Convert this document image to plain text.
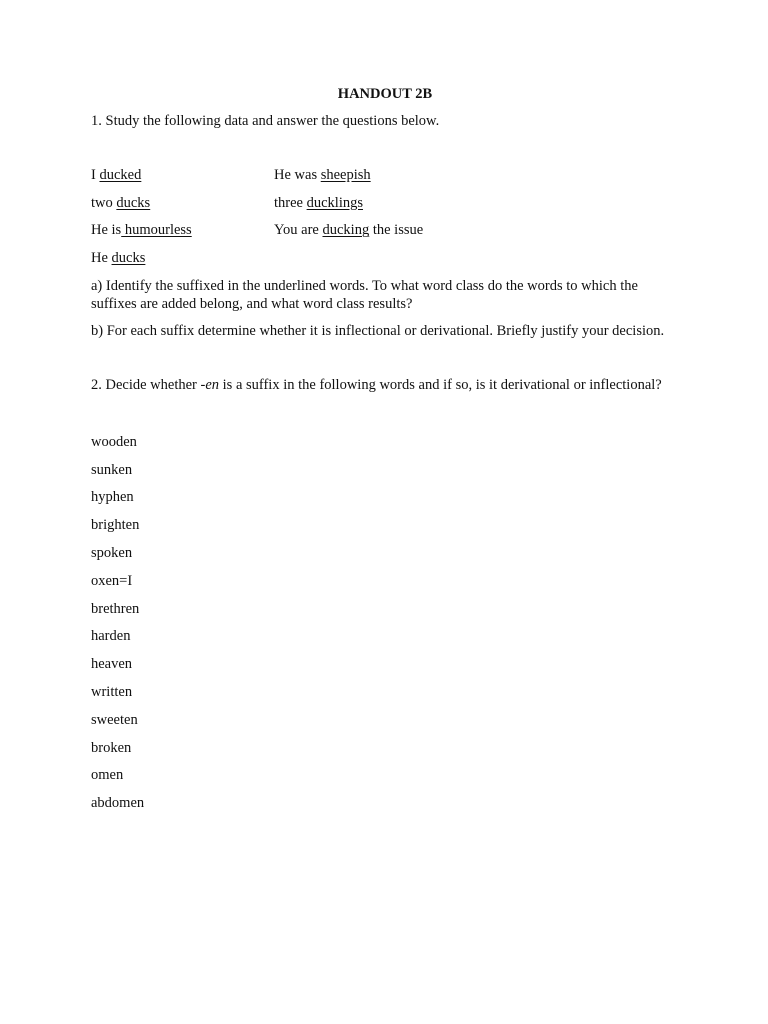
HANDOUT 2B

1. Study the following data and answer the questions below.

I ducked	He was sheepish
two ducks	three ducklings
He is humourless	You are ducking the issue
He ducks

a) Identify the suffixed in the underlined words. To what word class do the words to which the suffixes are added belong, and what word class results?

b) For each suffix determine whether it is inflectional or derivational. Briefly justify your decision.

2. Decide whether -en is a suffix in the following words and if so, is it derivational or inflectional?

wooden
sunken
hyphen
brighten
spoken
oxen=I
brethren
harden
heaven
written
sweeten
broken
omen
abdomen
